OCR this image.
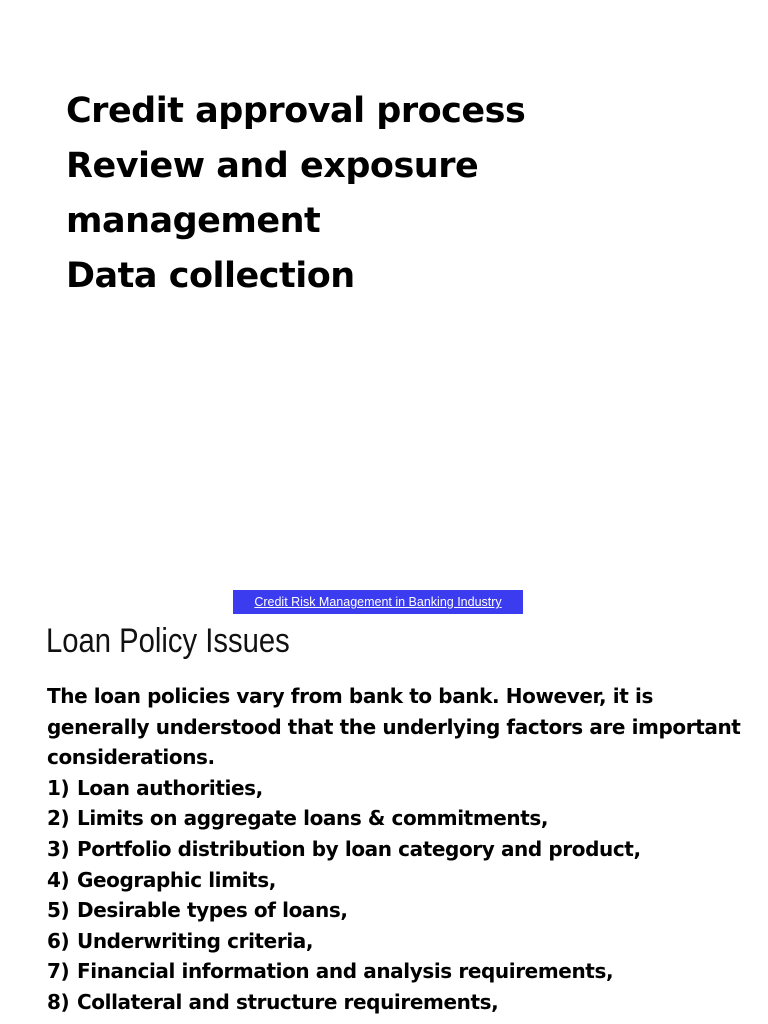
Credit approval process
Review and exposure
management
Data collection
Credit Risk Management in Banking Industry
Loan Policy Issues

The loan policies vary from bank to bank. However, it is generally understood that the underlying factors are important considerations.

1) Loan authorities,
2) Limits on aggregate loans & commitments,
3) Portfolio distribution by loan category and product,
4) Geographic limits,
5) Desirable types of loans,
6) Underwriting criteria,
7) Financial information and analysis requirements,
8) Collateral and structure requirements,
